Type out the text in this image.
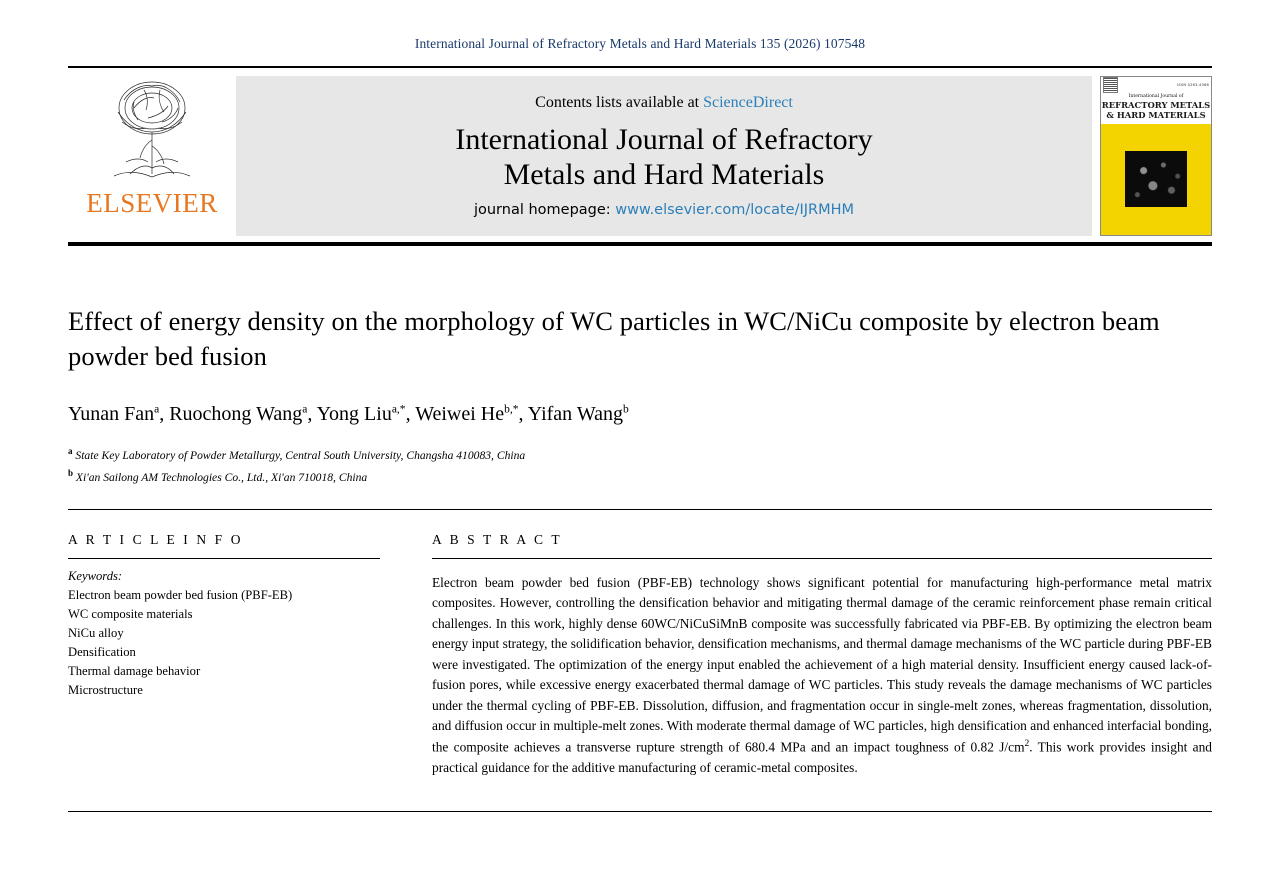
International Journal of Refractory Metals and Hard Materials 135 (2026) 107548
ELSEVIER
Contents lists available at ScienceDirect
International Journal of Refractory
Metals and Hard Materials
journal homepage: www.elsevier.com/locate/IJRMHM
ISSN 0263-4368
International Journal of
REFRACTORY METALS
& HARD MATERIALS
Effect of energy density on the morphology of WC particles in WC/NiCu composite by electron beam powder bed fusion
Yunan Fan$^a$, Ruochong Wang$^a$, Yong Liu$^{a,*}$, Weiwei $He^{b,*}$, Yifan Wang$^b$
$^a$ State Key Laboratory of Powder Metallurgy, Central South University, Changsha 410083, China
$^b$ Xi'an Sailong AM Technologies Co., Ltd., Xi'an 710018, China
A R T I C L E I N F O
Keywords:
Electron beam powder bed fusion (PBF-EB)
WC composite materials
NiCu alloy
Densification
Thermal damage behavior
Microstructure
A B S T R A C T

Electron beam powder bed fusion (PBF-EB) technology shows significant potential for manufacturing high-performance metal matrix composites. However, controlling the densification behavior and mitigating thermal damage of the ceramic reinforcement phase remain critical challenges. In this work, highly dense 60WC/NiCuSiMnB composite was successfully fabricated via PBF-EB. By optimizing the electron beam energy input strategy, the solidification behavior, densification mechanisms, and thermal damage mechanisms of the WC particle during PBF-EB were investigated. The optimization of the energy input enabled the achievement of a high material density. Insufficient energy caused lack-of-fusion pores, while excessive energy exacerbated thermal damage of WC particles. This study reveals the damage mechanisms of WC particles under the thermal cycling of PBF-EB. Dissolution, diffusion, and fragmentation occur in single-melt zones, whereas fragmentation, dissolution, and diffusion occur in multiple-melt zones. With moderate thermal damage of WC particles, high densification and enhanced interfacial bonding, the composite achieves a transverse rupture strength of 680.4 MPa and an impact toughness of 0.82 $J/cm^2$. This work provides insight and practical guidance for the additive manufacturing of ceramic-metal composites.
